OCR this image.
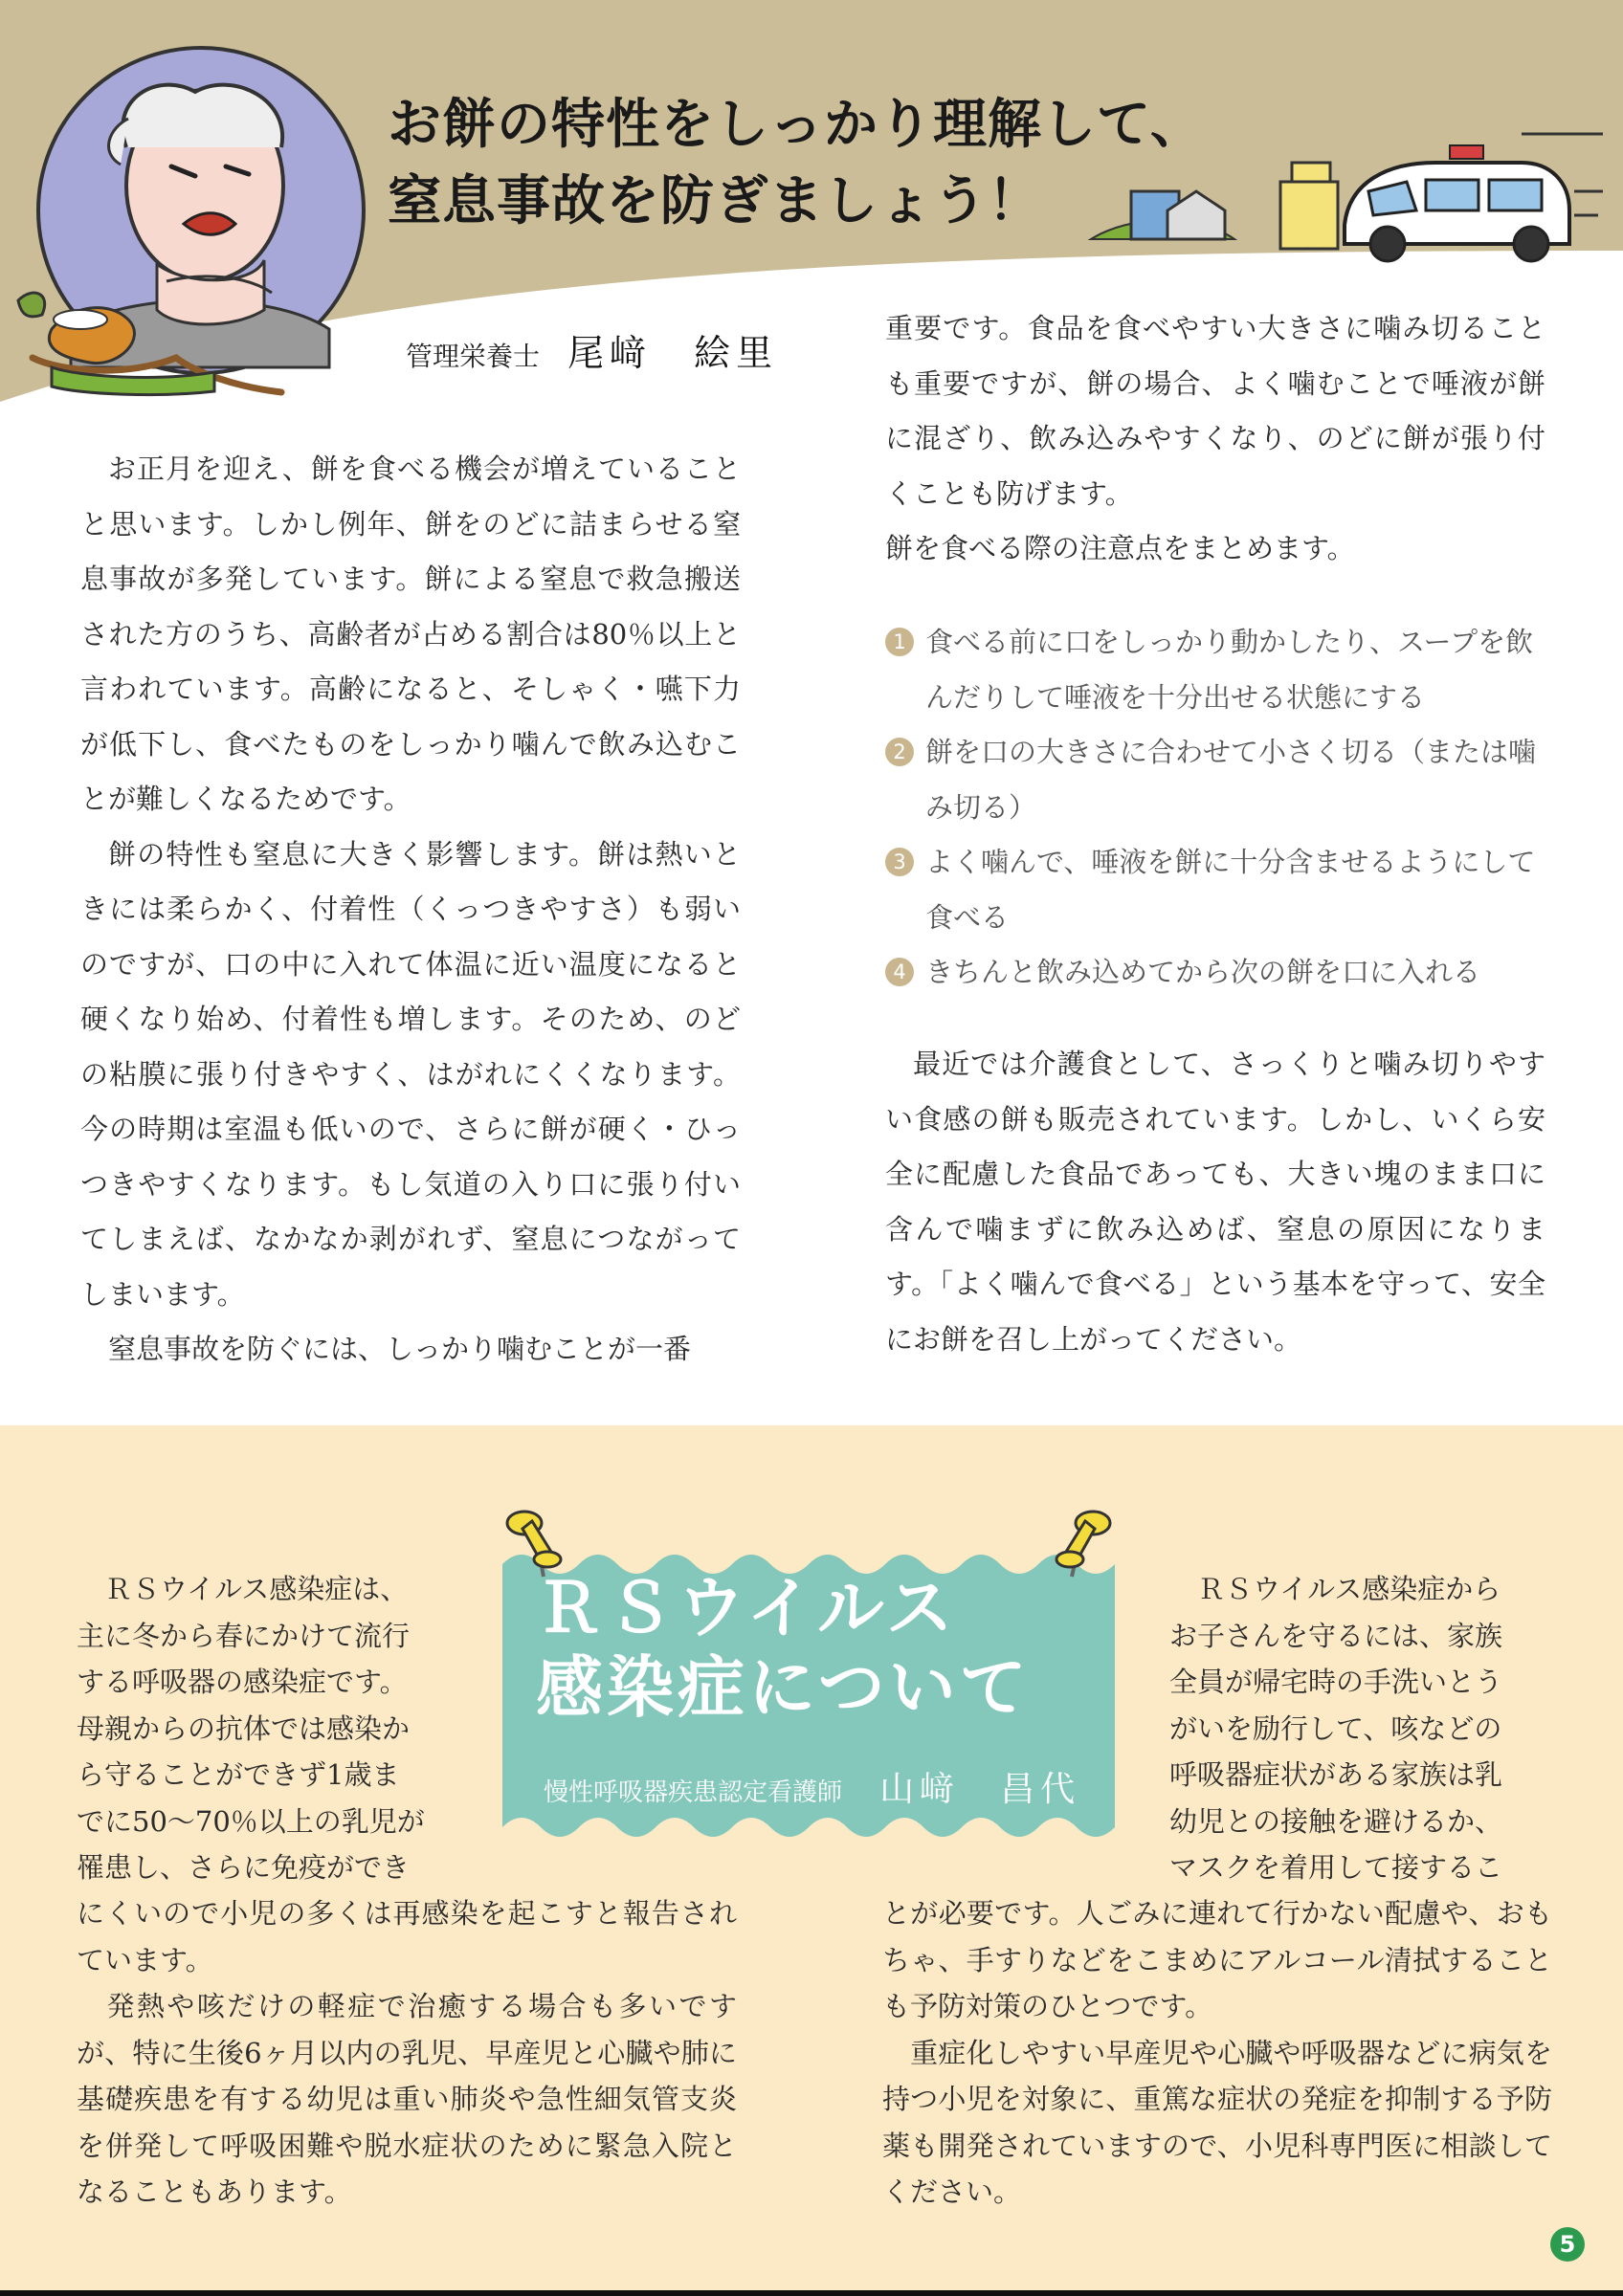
お餅の特性をしっかり理解して、
窒息事故を防ぎましょう！
管理栄養士 尾﨑　絵里

お正月を迎え、餅を食べる機会が増えていることと思います。しかし例年、餅をのどに詰まらせる窒息事故が多発しています。餅による窒息で救急搬送された方のうち、高齢者が占める割合は80％以上と言われています。高齢になると、そしゃく・嚥下力が低下し、食べたものをしっかり噛んで飲み込むことが難しくなるためです。

餅の特性も窒息に大きく影響します。餅は熱いときには柔らかく、付着性（くっつきやすさ）も弱いのですが、口の中に入れて体温に近い温度になると硬くなり始め、付着性も増します。そのため、のどの粘膜に張り付きやすく、はがれにくくなります。今の時期は室温も低いので、さらに餅が硬く・ひっつきやすくなります。もし気道の入り口に張り付いてしまえば、なかなか剥がれず、窒息につながってしまいます。

窒息事故を防ぐには、しっかり噛むことが一番

重要です。食品を食べやすい大きさに噛み切ることも重要ですが、餅の場合、よく噛むことで唾液が餅に混ざり、飲み込みやすくなり、のどに餅が張り付くことも防げます。

餅を食べる際の注意点をまとめます。

1 食べる前に口をしっかり動かしたり、スープを飲んだりして唾液を十分出せる状態にする
2 餅を口の大きさに合わせて小さく切る（または噛み切る）
3 よく噛んで、唾液を餅に十分含ませるようにして食べる
4 きちんと飲み込めてから次の餅を口に入れる

最近では介護食として、さっくりと噛み切りやすい食感の餅も販売されています。しかし、いくら安全に配慮した食品であっても、大きい塊のまま口に含んで噛まずに飲み込めば、窒息の原因になります。「よく噛んで食べる」という基本を守って、安全にお餅を召し上がってください。

　ＲＳウイルス感染症は、

主に冬から春にかけて流行

する呼吸器の感染症です。

母親からの抗体では感染か

ら守ることができず1歳ま

でに50〜70％以上の乳児が

罹患し、さらに免疫ができ

にくいので小児の多くは再感染を起こすと報告されています。

　発熱や咳だけの軽症で治癒する場合も多いですが、特に生後6ヶ月以内の乳児、早産児と心臓や肺に基礎疾患を有する幼児は重い肺炎や急性細気管支炎を併発して呼吸困難や脱水症状のために緊急入院となることもあります。

ＲＳウイルス
感染症について
慢性呼吸器疾患認定看護師 山﨑　昌代

　ＲＳウイルス感染症から

お子さんを守るには、家族

全員が帰宅時の手洗いとう

がいを励行して、咳などの

呼吸器症状がある家族は乳

幼児との接触を避けるか、

マスクを着用して接するこ

とが必要です。人ごみに連れて行かない配慮や、おもちゃ、手すりなどをこまめにアルコール清拭することも予防対策のひとつです。

　重症化しやすい早産児や心臓や呼吸器などに病気を持つ小児を対象に、重篤な症状の発症を抑制する予防薬も開発されていますので、小児科専門医に相談してください。

5
